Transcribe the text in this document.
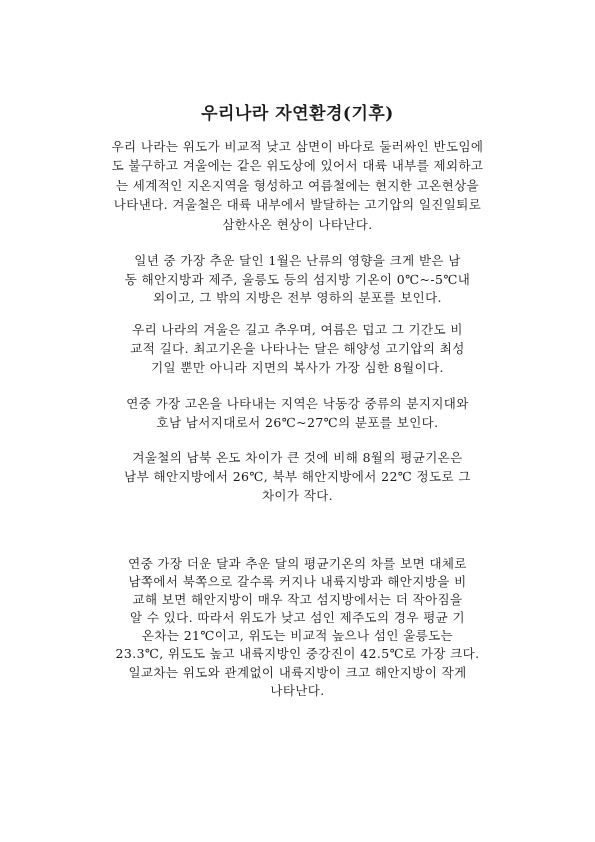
우리나라 자연환경(기후)
우리 나라는 위도가 비교적 낮고 삼면이 바다로 둘러싸인 반도임에
도 불구하고 겨울에는 같은 위도상에 있어서 대륙 내부를 제외하고
는 세계적인 지온지역을 형성하고 여름철에는 현지한 고온현상을
나타낸다. 겨울철은 대륙 내부에서 발달하는 고기압의 일진일퇴로
삼한사온 현상이 나타난다.
일년 중 가장 추운 달인 1월은 난류의 영향을 크게 받은 남
동 해안지방과 제주, 울릉도 등의 섬지방 기온이 0℃~-5℃내
외이고, 그 밖의 지방은 전부 영하의 분포를 보인다.
우리 나라의 겨울은 길고 추우며, 여름은 덥고 그 기간도 비
교적 길다. 최고기온을 나타나는 달은 해양성 고기압의 최성
기일 뿐만 아니라 지면의 복사가 가장 심한 8월이다.
연중 가장 고온을 나타내는 지역은 낙동강 중류의 분지지대와
호남 남서지대로서 26℃~27℃의 분포를 보인다.
겨울철의 남북 온도 차이가 큰 것에 비해 8월의 평균기온은
남부 해안지방에서 26℃, 북부 해안지방에서 22℃ 정도로 그
차이가 작다.
연중 가장 더운 달과 추운 달의 평균기온의 차를 보면 대체로
남쪽에서 북쪽으로 갈수록 커지나 내륙지방과 해안지방을 비
교해 보면 해안지방이 매우 작고 섬지방에서는 더 작아짐을
알 수 있다. 따라서 위도가 낮고 섬인 제주도의 경우 평균 기
온차는 21℃이고, 위도는 비교적 높으나 섬인 울릉도는
23.3℃, 위도도 높고 내륙지방인 중강진이 42.5℃로 가장 크다.
일교차는 위도와 관계없이 내륙지방이 크고 해안지방이 작게
나타난다.
